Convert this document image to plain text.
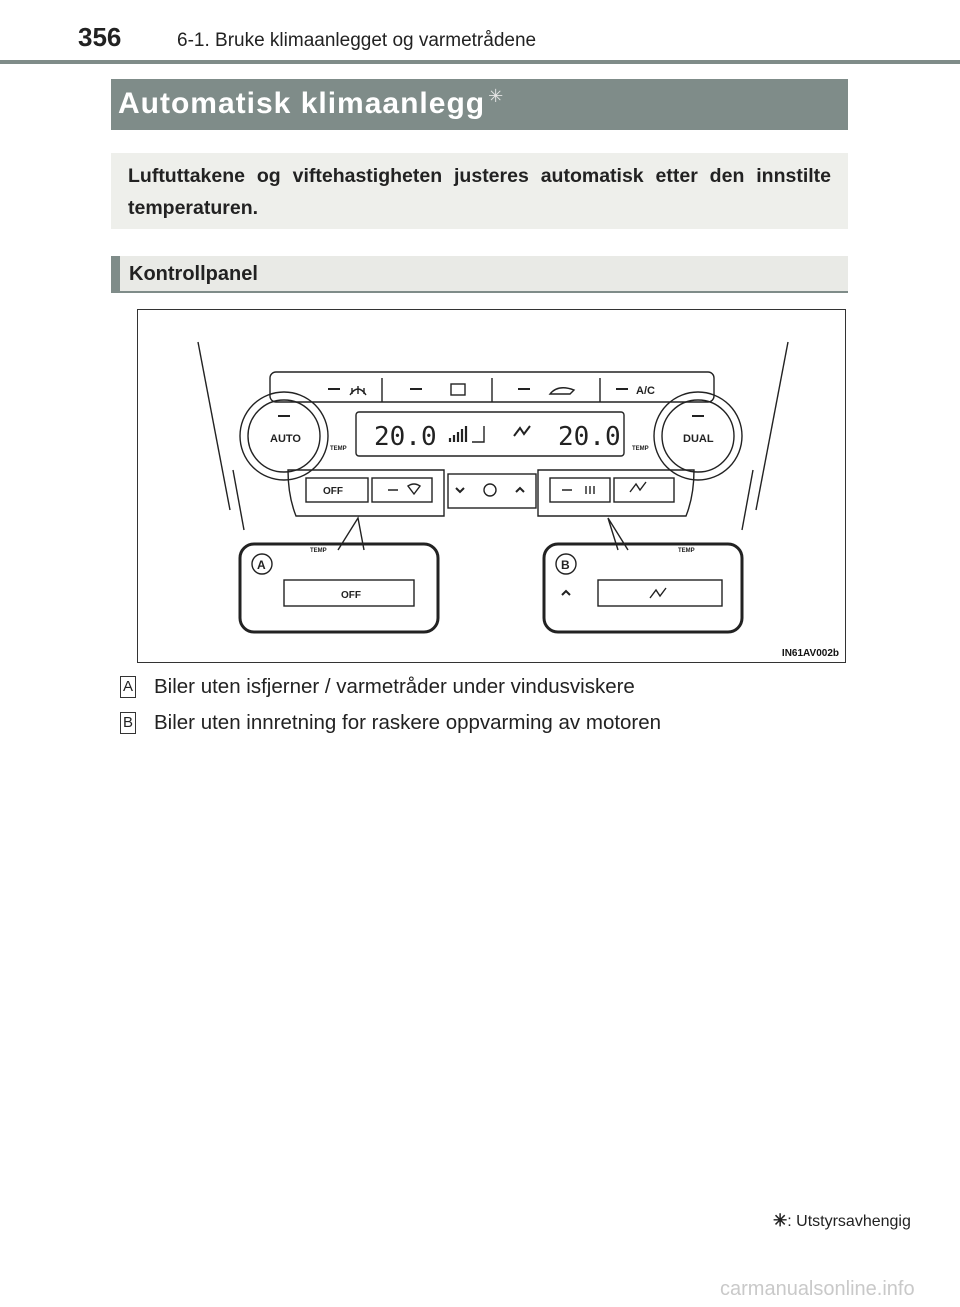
356	6-1. Bruke klimaanlegget og varmetrådene
Automatisk klimaanlegg ✳
Luftuttakene og viftehastigheten justeres automatisk etter den innstilte temperaturen.
Kontrollpanel
A/C
AUTO	DUAL
TEMP	TEMP
20.0	20.0
OFF
A
TEMP
OFF
B
TEMP
IN61AV002b
A Biler uten isfjerner / varmetråder under vindusviskere
B Biler uten innretning for raskere oppvarming av motoren
✳: Utstyrsavhengig
carmanualsonline.info
